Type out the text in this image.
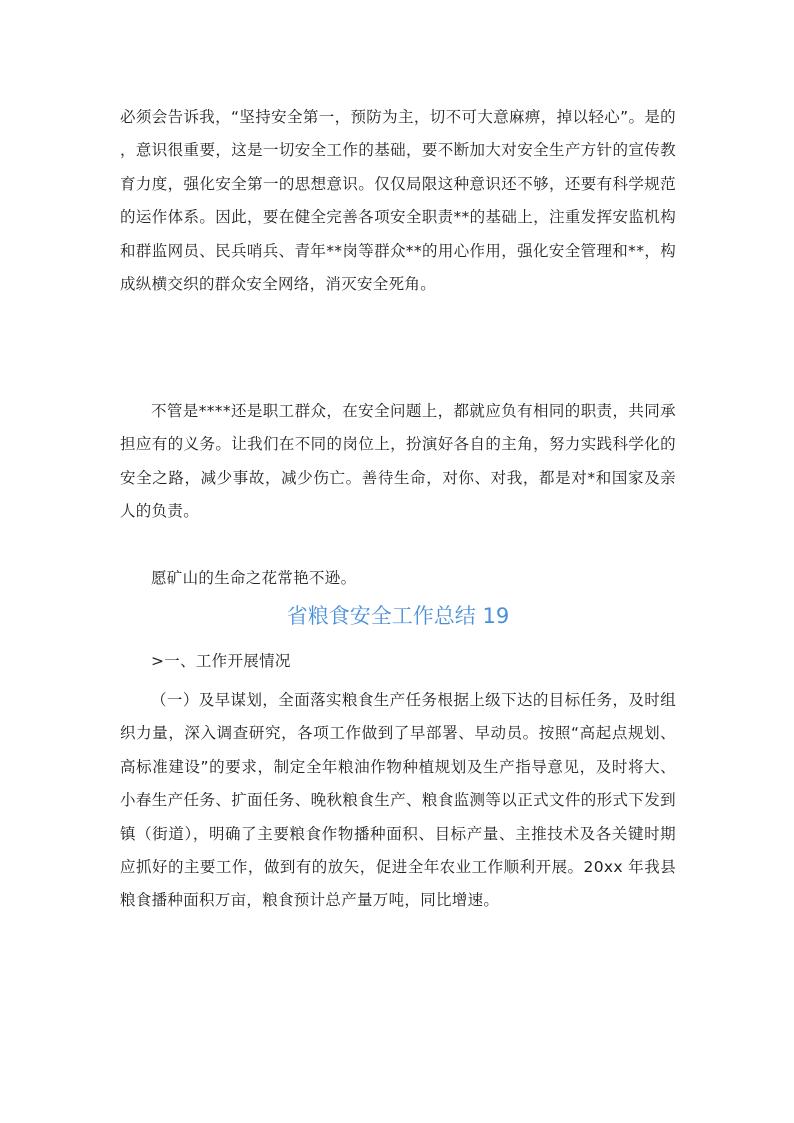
必须会告诉我，“坚持安全第一，预防为主，切不可大意麻痹，掉以轻心”。是的，意识很重要，这是一切安全工作的基础，要不断加大对安全生产方针的宣传教育力度，强化安全第一的思想意识。仅仅局限这种意识还不够，还要有科学规范的运作体系。因此，要在健全完善各项安全职责**的基础上，注重发挥安监机构和群监网员、民兵哨兵、青年**岗等群众**的用心作用，强化安全管理和**，构成纵横交织的群众安全网络，消灭安全死角。

不管是****还是职工群众，在安全问题上，都就应负有相同的职责，共同承担应有的义务。让我们在不同的岗位上，扮演好各自的主角，努力实践科学化的安全之路，减少事故，减少伤亡。善待生命，对你、对我，都是对*和国家及亲人的负责。

愿矿山的生命之花常艳不逊。

省粮食安全工作总结 19

>一、工作开展情况

（一）及早谋划，全面落实粮食生产任务根据上级下达的目标任务，及时组织力量，深入调查研究，各项工作做到了早部署、早动员。按照“高起点规划、高标准建设”的要求，制定全年粮油作物种植规划及生产指导意见，及时将大、小春生产任务、扩面任务、晚秋粮食生产、粮食监测等以正式文件的形式下发到镇（街道），明确了主要粮食作物播种面积、目标产量、主推技术及各关键时期应抓好的主要工作，做到有的放矢，促进全年农业工作顺利开展。20xx 年我县粮食播种面积万亩，粮食预计总产量万吨，同比增速。
